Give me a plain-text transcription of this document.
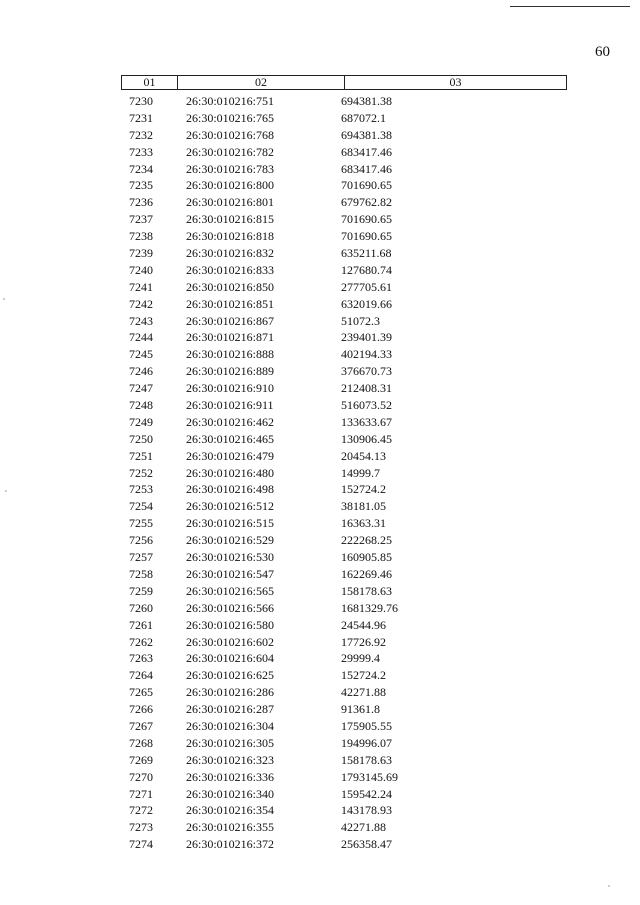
60
01	02	03
7230	26:30:010216:751	694381.38
7231	26:30:010216:765	687072.1
7232	26:30:010216:768	694381.38
7233	26:30:010216:782	683417.46
7234	26:30:010216:783	683417.46
7235	26:30:010216:800	701690.65
7236	26:30:010216:801	679762.82
7237	26:30:010216:815	701690.65
7238	26:30:010216:818	701690.65
7239	26:30:010216:832	635211.68
7240	26:30:010216:833	127680.74
7241	26:30:010216:850	277705.61
7242	26:30:010216:851	632019.66
7243	26:30:010216:867	51072.3
7244	26:30:010216:871	239401.39
7245	26:30:010216:888	402194.33
7246	26:30:010216:889	376670.73
7247	26:30:010216:910	212408.31
7248	26:30:010216:911	516073.52
7249	26:30:010216:462	133633.67
7250	26:30:010216:465	130906.45
7251	26:30:010216:479	20454.13
7252	26:30:010216:480	14999.7
7253	26:30:010216:498	152724.2
7254	26:30:010216:512	38181.05
7255	26:30:010216:515	16363.31
7256	26:30:010216:529	222268.25
7257	26:30:010216:530	160905.85
7258	26:30:010216:547	162269.46
7259	26:30:010216:565	158178.63
7260	26:30:010216:566	1681329.76
7261	26:30:010216:580	24544.96
7262	26:30:010216:602	17726.92
7263	26:30:010216:604	29999.4
7264	26:30:010216:625	152724.2
7265	26:30:010216:286	42271.88
7266	26:30:010216:287	91361.8
7267	26:30:010216:304	175905.55
7268	26:30:010216:305	194996.07
7269	26:30:010216:323	158178.63
7270	26:30:010216:336	1793145.69
7271	26:30:010216:340	159542.24
7272	26:30:010216:354	143178.93
7273	26:30:010216:355	42271.88
7274	26:30:010216:372	256358.47
